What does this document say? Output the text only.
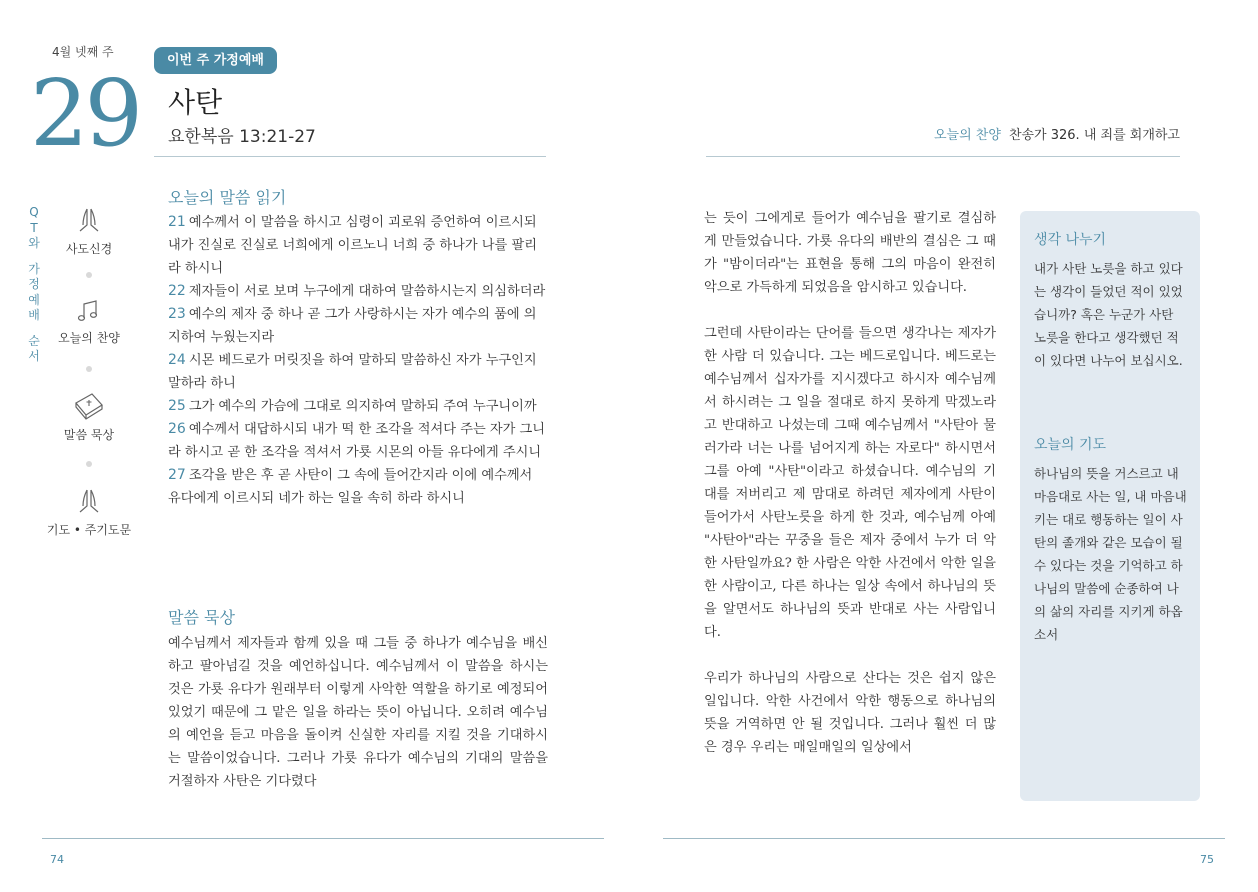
4월 넷째 주
29	이번 주 가정예배
사탄
요한복음 13:21-27
Q
T
와
가
정
예
배
순
서
사도신경
오늘의 찬양
말씀 묵상
기도 • 주기도문
오늘의 말씀 읽기
21 예수께서 이 말씀을 하시고 심령이 괴로워 증언하여 이르시되 내가 진실로 진실로 너희에게 이르노니 너희 중 하나가 나를 팔리라 하시니
22 제자들이 서로 보며 누구에게 대하여 말씀하시는지 의심하더라
23 예수의 제자 중 하나 곧 그가 사랑하시는 자가 예수의 품에 의지하여 누웠는지라
24 시몬 베드로가 머릿짓을 하여 말하되 말씀하신 자가 누구인지 말하라 하니
25 그가 예수의 가슴에 그대로 의지하여 말하되 주여 누구니이까
26 예수께서 대답하시되 내가 떡 한 조각을 적셔다 주는 자가 그니라 하시고 곧 한 조각을 적셔서 가룟 시몬의 아들 유다에게 주시니
27 조각을 받은 후 곧 사탄이 그 속에 들어간지라 이에 예수께서 유다에게 이르시되 네가 하는 일을 속히 하라 하시니
말씀 묵상

예수님께서 제자들과 함께 있을 때 그들 중 하나가 예수님을 배신하고 팔아넘길 것을 예언하십니다. 예수님께서 이 말씀을 하시는 것은 가룟 유다가 원래부터 이렇게 사악한 역할을 하기로 예정되어 있었기 때문에 그 맡은 일을 하라는 뜻이 아닙니다. 오히려 예수님의 예언을 듣고 마음을 돌이켜 신실한 자리를 지킬 것을 기대하시는 말씀이었습니다. 그러나 가룟 유다가 예수님의 기대의 말씀을 거절하자 사탄은 기다렸다

오늘의 찬양 찬송가 326. 내 죄를 회개하고

는 듯이 그에게로 들어가 예수님을 팔기로 결심하게 만들었습니다. 가룟 유다의 배반의 결심은 그 때가 "밤이더라"는 표현을 통해 그의 마음이 완전히 악으로 가득하게 되었음을 암시하고 있습니다.

그런데 사탄이라는 단어를 들으면 생각나는 제자가 한 사람 더 있습니다. 그는 베드로입니다. 베드로는 예수님께서 십자가를 지시겠다고 하시자 예수님께서 하시려는 그 일을 절대로 하지 못하게 막겠노라고 반대하고 나섰는데 그때 예수님께서 "사탄아 물러가라 너는 나를 넘어지게 하는 자로다" 하시면서 그를 아예 "사탄"이라고 하셨습니다. 예수님의 기대를 저버리고 제 맘대로 하려던 제자에게 사탄이 들어가서 사탄노릇을 하게 한 것과, 예수님께 아예 "사탄아"라는 꾸중을 들은 제자 중에서 누가 더 악한 사탄일까요? 한 사람은 악한 사건에서 악한 일을 한 사람이고, 다른 하나는 일상 속에서 하나님의 뜻을 알면서도 하나님의 뜻과 반대로 사는 사람입니다.

우리가 하나님의 사람으로 산다는 것은 쉽지 않은 일입니다. 악한 사건에서 악한 행동으로 하나님의 뜻을 거역하면 안 될 것입니다. 그러나 훨씬 더 많은 경우 우리는 매일매일의 일상에서

생각 나누기

내가 사탄 노릇을 하고 있다는 생각이 들었던 적이 있었습니까? 혹은 누군가 사탄 노릇을 한다고 생각했던 적이 있다면 나누어 보십시오.

오늘의 기도

하나님의 뜻을 거스르고 내 마음대로 사는 일, 내 마음내키는 대로 행동하는 일이 사탄의 졸개와 같은 모습이 될 수 있다는 것을 기억하고 하나님의 말씀에 순종하여 나의 삶의 자리를 지키게 하옵소서

74	75
